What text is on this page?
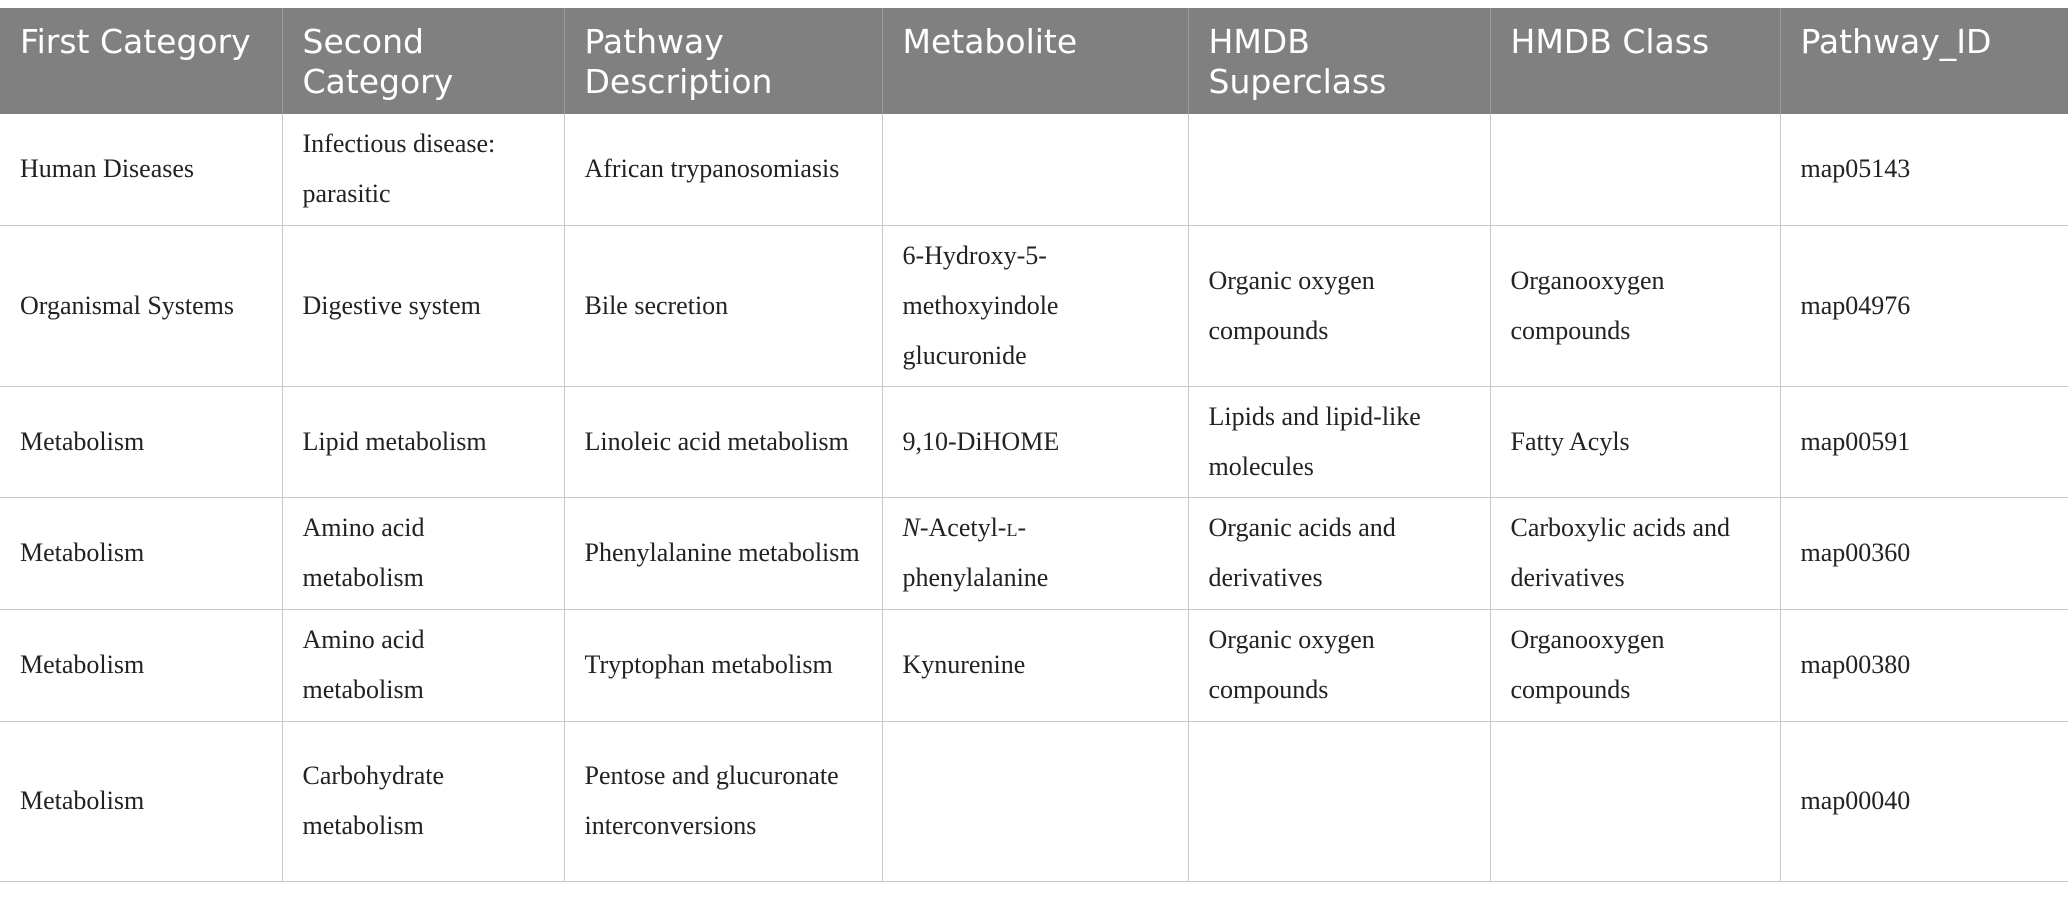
First Category	Second Category	Pathway Description	Metabolite	HMDB Superclass	HMDB Class	Pathway_ID
Human Diseases	Infectious disease: parasitic	African trypanosomiasis				map05143
Organismal Systems	Digestive system	Bile secretion	6-Hydroxy-5-methoxyindole glucuronide	Organic oxygen compounds	Organooxygen compounds	map04976
Metabolism	Lipid metabolism	Linoleic acid metabolism	9,10-DiHOME	Lipids and lipid-like molecules	Fatty Acyls	map00591
Metabolism	Amino acid metabolism	Phenylalanine metabolism	N-Acetyl-l-phenylalanine	Organic acids and derivatives	Carboxylic acids and derivatives	map00360
Metabolism	Amino acid metabolism	Tryptophan metabolism	Kynurenine	Organic oxygen compounds	Organooxygen compounds	map00380
Metabolism	Carbohydrate metabolism	Pentose and glucuronate interconversions				map00040
